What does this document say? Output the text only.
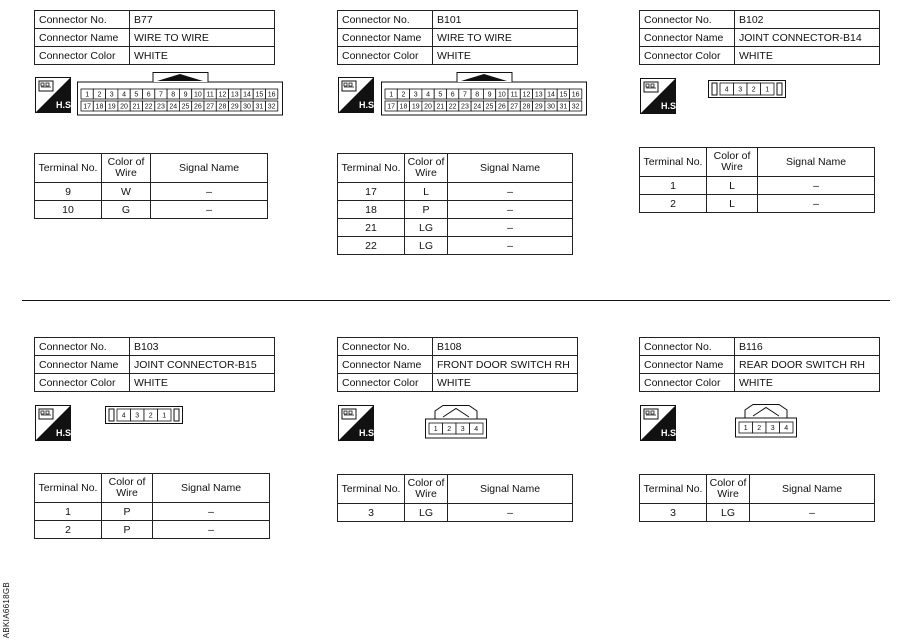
Connector No.	B77
Connector Name	WIRE TO WIRE
Connector Color	WHITE
H.S.
1 2 3 4 5 6 7 8 9 10 11 12 13 14 15 16
17 18 19 20 21 22 23 24 25 26 27 28 29 30 31 32
Terminal No.	Color of Wire	Signal Name
9	W	–
10	G	–
Connector No.	B101
Connector Name	WIRE TO WIRE
Connector Color	WHITE
H.S.
1 2 3 4 5 6 7 8 9 10 11 12 13 14 15 16
17 18 19 20 21 22 23 24 25 26 27 28 29 30 31 32
Terminal No.	Color of Wire	Signal Name
17	L	–
18	P	–
21	LG	–
22	LG	–
Connector No.	B102
Connector Name	JOINT CONNECTOR-B14
Connector Color	WHITE
H.S.
4 3 2 1
Terminal No.	Color of Wire	Signal Name
1	L	–
2	L	–
Connector No.	B103
Connector Name	JOINT CONNECTOR-B15
Connector Color	WHITE
H.S.
4 3 2 1
Terminal No.	Color of Wire	Signal Name
1	P	–
2	P	–
Connector No.	B108
Connector Name	FRONT DOOR SWITCH RH
Connector Color	WHITE
H.S.	1 2 3 4
Terminal No.	Color of Wire	Signal Name
3	LG	–
Connector No.	B116
Connector Name	REAR DOOR SWITCH RH
Connector Color	WHITE
H.S.	1 2 3 4
Terminal No.	Color of Wire	Signal Name
3	LG	–
ABKIA6618GB
